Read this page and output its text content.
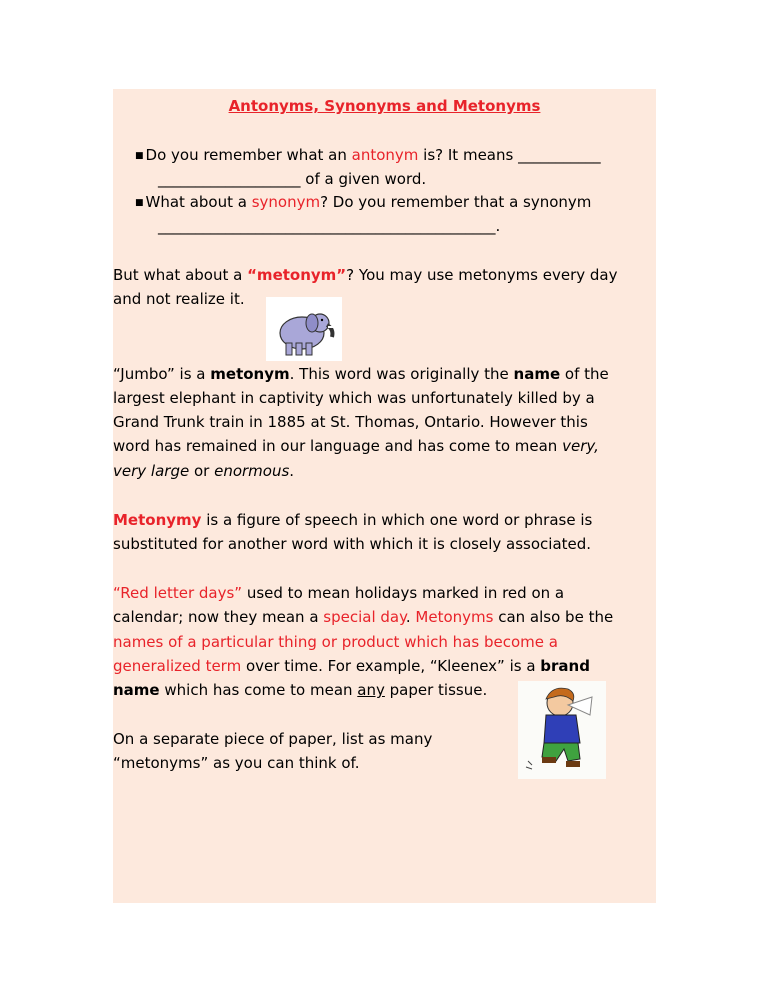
Antonyms, Synonyms and Metonyms
■ Do you remember what an antonym is? It means ___________
___________________ of a given word.
■ What about a synonym? Do you remember that a synonym
_____________________________________________.
But what about a “metonym”? You may use metonyms every day
and not realize it.
“Jumbo” is a metonym. This word was originally the name of the
largest elephant in captivity which was unfortunately killed by a
Grand Trunk train in 1885 at St. Thomas, Ontario. However this
word has remained in our language and has come to mean very,
very large or enormous.
Metonymy is a figure of speech in which one word or phrase is
substituted for another word with which it is closely associated.
“Red letter days” used to mean holidays marked in red on a
calendar; now they mean a special day. Metonyms can also be the
names of a particular thing or product which has become a
generalized term over time. For example, “Kleenex” is a brand
name which has come to mean any paper tissue.
On a separate piece of paper, list as many
“metonyms” as you can think of.
